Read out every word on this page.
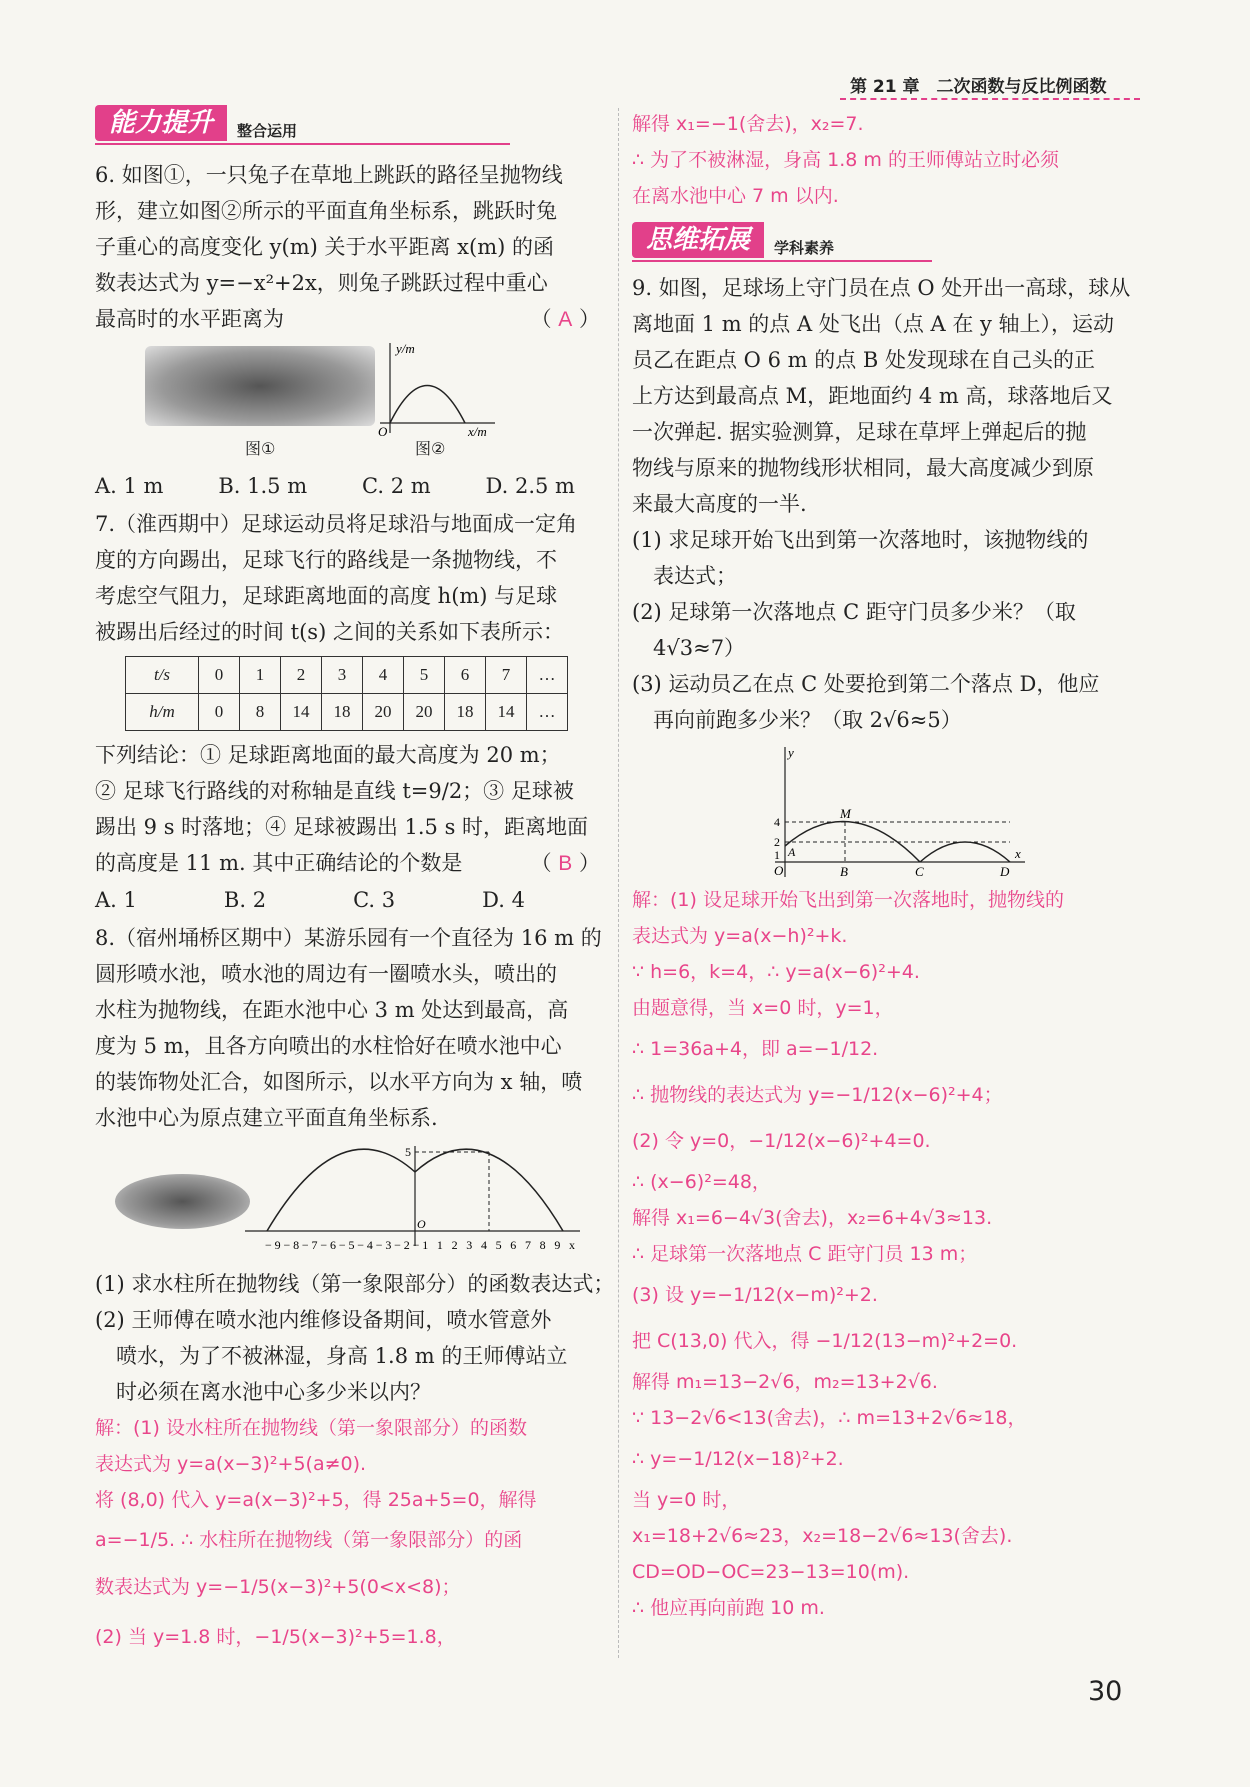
第 21 章　二次函数与反比例函数
能力提升	整合运用
6. 如图①，一只兔子在草地上跳跃的路径呈抛物线
形，建立如图②所示的平面直角坐标系，跳跃时兔
子重心的高度变化 y(m) 关于水平距离 x(m) 的函
数表达式为 y=−x²+2x，则兔子跳跃过程中重心
最高时的水平距离为	（ A ）
y/m
x/m
O
图①	图②
A. 1 m	B. 1.5 m	C. 2 m	D. 2.5 m
7.（淮西期中）足球运动员将足球沿与地面成一定角
度的方向踢出，足球飞行的路线是一条抛物线，不
考虑空气阻力，足球距离地面的高度 h(m) 与足球
被踢出后经过的时间 t(s) 之间的关系如下表所示：
t/s	0	1	2	3	4	5	6	7	…
h/m	0	8	14	18	20	20	18	14	…
下列结论：① 足球距离地面的最大高度为 20 m；
② 足球飞行路线的对称轴是直线 t=9/2；③ 足球被
踢出 9 s 时落地；④ 足球被踢出 1.5 s 时，距离地面
的高度是 11 m. 其中正确结论的个数是	（ B ）
A. 1	B. 2	C. 3	D. 4
8.（宿州埇桥区期中）某游乐园有一个直径为 16 m 的
圆形喷水池，喷水池的周边有一圈喷水头，喷出的
水柱为抛物线，在距水池中心 3 m 处达到最高，高
度为 5 m，且各方向喷出的水柱恰好在喷水池中心
的装饰物处汇合，如图所示，以水平方向为 x 轴，喷
水池中心为原点建立平面直角坐标系.
5
O
−9−8−7−6−5−4−3−2−1 1 2 3 4 5 6 7 8 9 x
(1) 求水柱所在抛物线（第一象限部分）的函数表达式；
(2) 王师傅在喷水池内维修设备期间，喷水管意外
　喷水，为了不被淋湿，身高 1.8 m 的王师傅站立
　时必须在离水池中心多少米以内？
解：(1) 设水柱所在抛物线（第一象限部分）的函数
表达式为 y=a(x−3)²+5(a≠0).
将 (8,0) 代入 y=a(x−3)²+5，得 25a+5=0，解得
a=−1/5. ∴ 水柱所在抛物线（第一象限部分）的函
数表达式为 y=−1/5(x−3)²+5(0<x<8)；
(2) 当 y=1.8 时，−1/5(x−3)²+5=1.8，
解得 x₁=−1(舍去)，x₂=7.
∴ 为了不被淋湿，身高 1.8 m 的王师傅站立时必须
在离水池中心 7 m 以内.
思维拓展	学科素养
9. 如图，足球场上守门员在点 O 处开出一高球，球从
离地面 1 m 的点 A 处飞出（点 A 在 y 轴上），运动
员乙在距点 O 6 m 的点 B 处发现球在自己头的正
上方达到最高点 M，距地面约 4 m 高，球落地后又
一次弹起. 据实验测算，足球在草坪上弹起后的抛
物线与原来的抛物线形状相同，最大高度减少到原
来最大高度的一半.
(1) 求足球开始飞出到第一次落地时，该抛物线的
　表达式；
(2) 足球第一次落地点 C 距守门员多少米？（取
　4√3≈7）
(3) 运动员乙在点 C 处要抢到第二个落点 D，他应
　再向前跑多少米？（取 2√6≈5）
y
x
O
A
B	C	D
M
4
2
1
解：(1) 设足球开始飞出到第一次落地时，抛物线的
表达式为 y=a(x−h)²+k.
∵ h=6，k=4，∴ y=a(x−6)²+4.
由题意得，当 x=0 时，y=1，
∴ 1=36a+4，即 a=−1/12.
∴ 抛物线的表达式为 y=−1/12(x−6)²+4；
(2) 令 y=0，−1/12(x−6)²+4=0.
∴ (x−6)²=48，
解得 x₁=6−4√3(舍去)，x₂=6+4√3≈13.
∴ 足球第一次落地点 C 距守门员 13 m；
(3) 设 y=−1/12(x−m)²+2.
把 C(13,0) 代入，得 −1/12(13−m)²+2=0.
解得 m₁=13−2√6，m₂=13+2√6.
∵ 13−2√6<13(舍去)，∴ m=13+2√6≈18，
∴ y=−1/12(x−18)²+2.
当 y=0 时，
x₁=18+2√6≈23，x₂=18−2√6≈13(舍去).
CD=OD−OC=23−13=10(m).
∴ 他应再向前跑 10 m.
30
